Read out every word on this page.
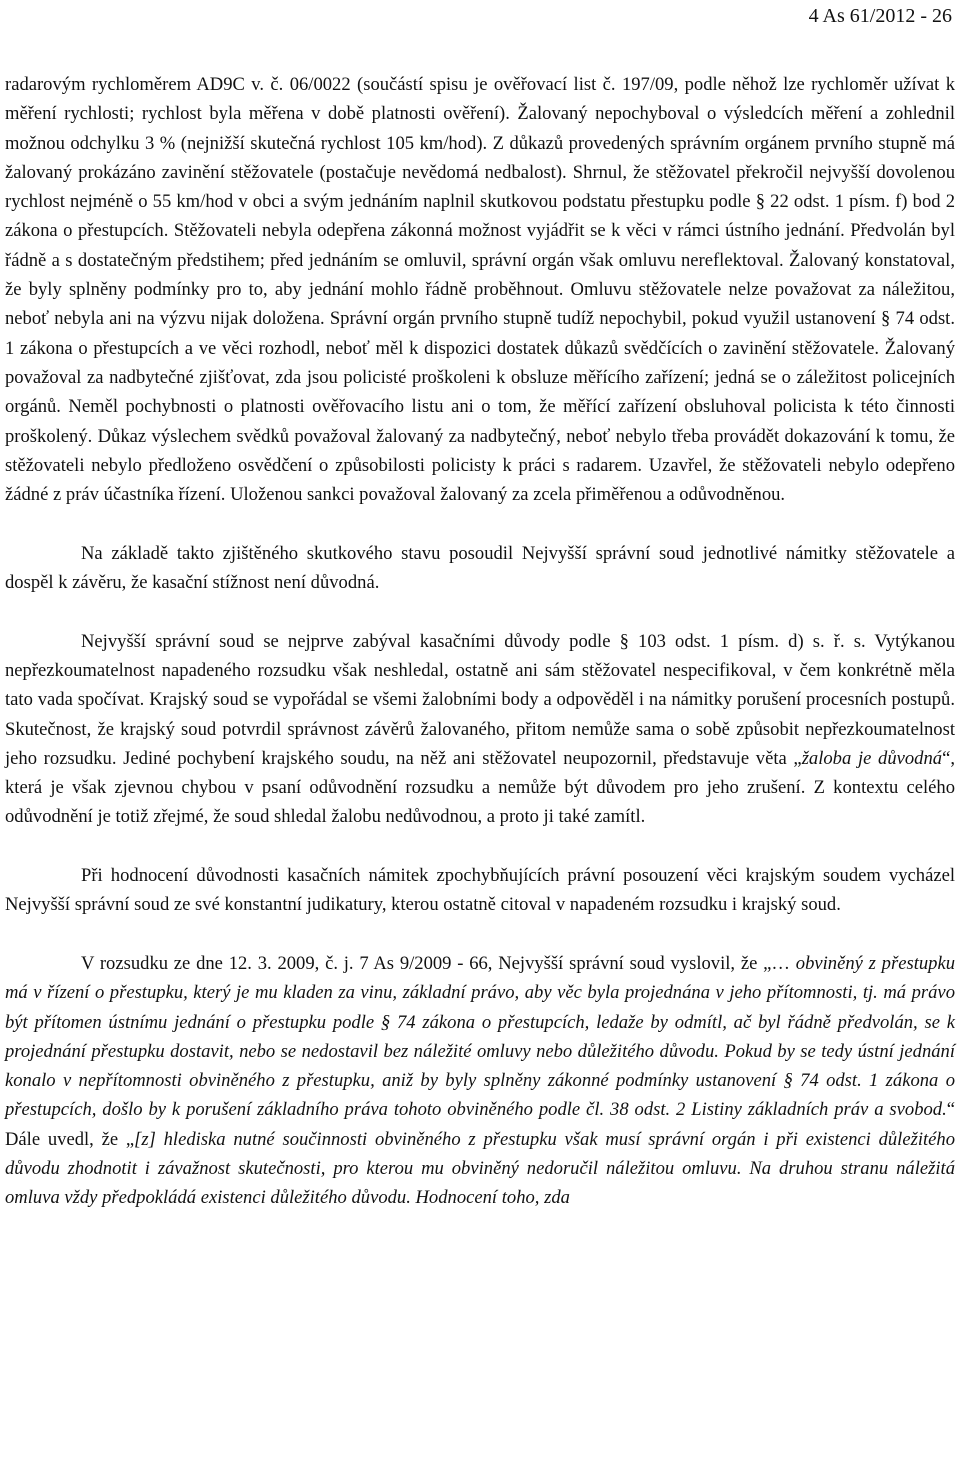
4 As 61/2012 - 26

radarovým rychloměrem AD9C v. č. 06/0022 (součástí spisu je ověřovací list č. 197/09, podle něhož lze rychloměr užívat k měření rychlosti; rychlost byla měřena v době platnosti ověření). Žalovaný nepochyboval o výsledcích měření a zohlednil možnou odchylku 3 % (nejnižší skutečná rychlost 105 km/hod). Z důkazů provedených správním orgánem prvního stupně má žalovaný prokázáno zavinění stěžovatele (postačuje nevědomá nedbalost). Shrnul, že stěžovatel překročil nejvyšší dovolenou rychlost nejméně o 55 km/hod v obci a svým jednáním naplnil skutkovou podstatu přestupku podle § 22 odst. 1 písm. f) bod 2 zákona o přestupcích. Stěžovateli nebyla odepřena zákonná možnost vyjádřit se k věci v rámci ústního jednání. Předvolán byl řádně a s dostatečným předstihem; před jednáním se omluvil, správní orgán však omluvu nereflektoval. Žalovaný konstatoval, že byly splněny podmínky pro to, aby jednání mohlo řádně proběhnout. Omluvu stěžovatele nelze považovat za náležitou, neboť nebyla ani na výzvu nijak doložena. Správní orgán prvního stupně tudíž nepochybil, pokud využil ustanovení § 74 odst. 1 zákona o přestupcích a ve věci rozhodl, neboť měl k dispozici dostatek důkazů svědčících o zavinění stěžovatele. Žalovaný považoval za nadbytečné zjišťovat, zda jsou policisté proškoleni k obsluze měřícího zařízení; jedná se o záležitost policejních orgánů. Neměl pochybnosti o platnosti ověřovacího listu ani o tom, že měřící zařízení obsluhoval policista k této činnosti proškolený. Důkaz výslechem svědků považoval žalovaný za nadbytečný, neboť nebylo třeba provádět dokazování k tomu, že stěžovateli nebylo předloženo osvědčení o způsobilosti policisty k práci s radarem. Uzavřel, že stěžovateli nebylo odepřeno žádné z práv účastníka řízení. Uloženou sankci považoval žalovaný za zcela přiměřenou a odůvodněnou.

Na základě takto zjištěného skutkového stavu posoudil Nejvyšší správní soud jednotlivé námitky stěžovatele a dospěl k závěru, že kasační stížnost není důvodná.

Nejvyšší správní soud se nejprve zabýval kasačními důvody podle § 103 odst. 1 písm. d) s. ř. s. Vytýkanou nepřezkoumatelnost napadeného rozsudku však neshledal, ostatně ani sám stěžovatel nespecifikoval, v čem konkrétně měla tato vada spočívat. Krajský soud se vypořádal se všemi žalobními body a odpověděl i na námitky porušení procesních postupů. Skutečnost, že krajský soud potvrdil správnost závěrů žalovaného, přitom nemůže sama o sobě způsobit nepřezkoumatelnost jeho rozsudku. Jediné pochybení krajského soudu, na něž ani stěžovatel neupozornil, představuje věta „žaloba je důvodná“, která je však zjevnou chybou v psaní odůvodnění rozsudku a nemůže být důvodem pro jeho zrušení. Z kontextu celého odůvodnění je totiž zřejmé, že soud shledal žalobu nedůvodnou, a proto ji také zamítl.

Při hodnocení důvodnosti kasačních námitek zpochybňujících právní posouzení věci krajským soudem vycházel Nejvyšší správní soud ze své konstantní judikatury, kterou ostatně citoval v napadeném rozsudku i krajský soud.

V rozsudku ze dne 12. 3. 2009, č. j. 7 As 9/2009 - 66, Nejvyšší správní soud vyslovil, že „… obviněný z přestupku má v řízení o přestupku, který je mu kladen za vinu, základní právo, aby věc byla projednána v jeho přítomnosti, tj. má právo být přítomen ústnímu jednání o přestupku podle § 74 zákona o přestupcích, ledaže by odmítl, ač byl řádně předvolán, se k projednání přestupku dostavit, nebo se nedostavil bez náležité omluvy nebo důležitého důvodu. Pokud by se tedy ústní jednání konalo v nepřítomnosti obviněného z přestupku, aniž by byly splněny zákonné podmínky ustanovení § 74 odst. 1 zákona o přestupcích, došlo by k porušení základního práva tohoto obviněného podle čl. 38 odst. 2 Listiny základních práv a svobod.“ Dále uvedl, že „[z] hlediska nutné součinnosti obviněného z přestupku však musí správní orgán i při existenci důležitého důvodu zhodnotit i závažnost skutečnosti, pro kterou mu obviněný nedoručil náležitou omluvu. Na druhou stranu náležitá omluva vždy předpokládá existenci důležitého důvodu. Hodnocení toho, zda
